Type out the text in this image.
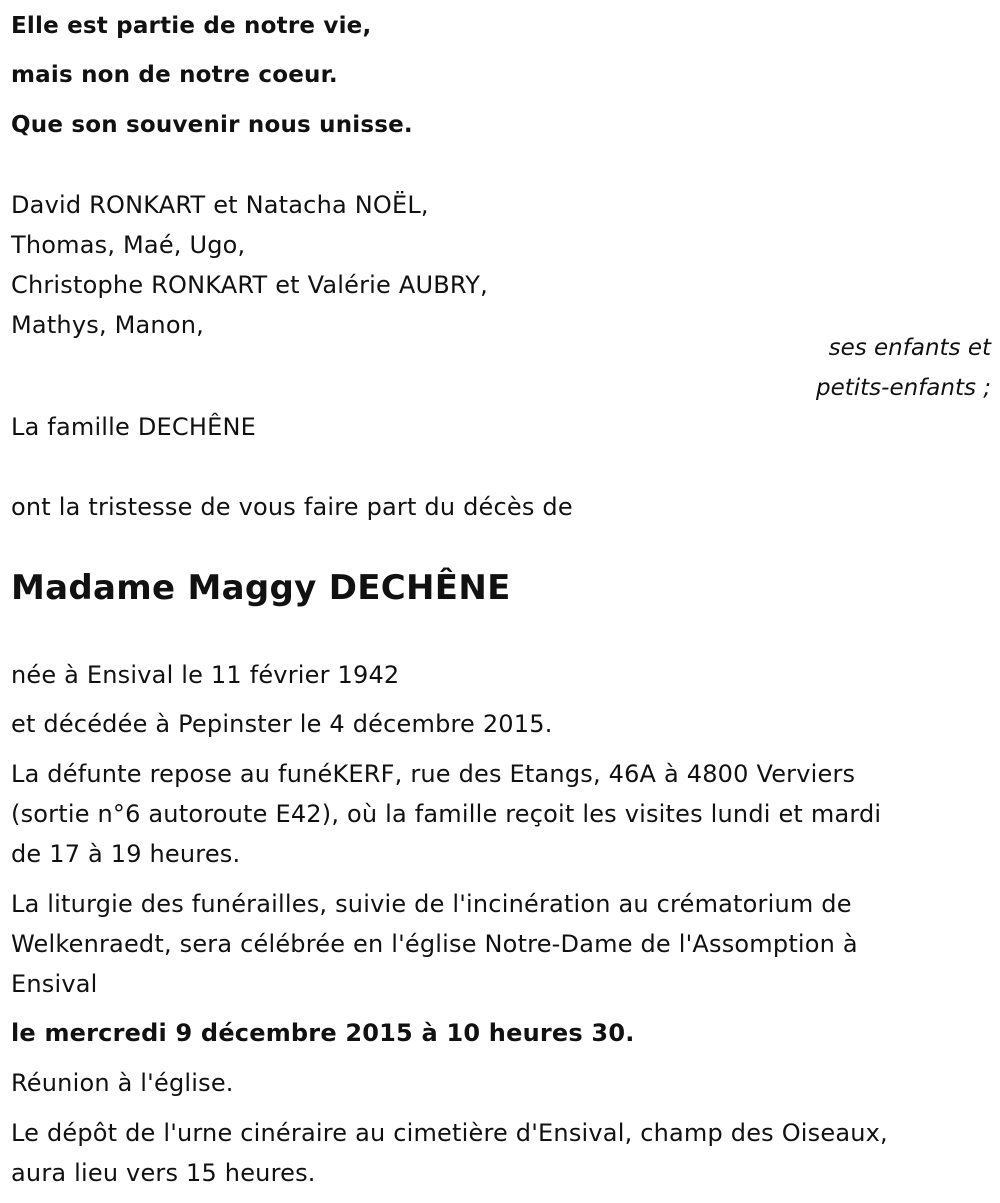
Elle est partie de notre vie,
mais non de notre coeur.
Que son souvenir nous unisse.
David RONKART et Natacha NOËL,
Thomas, Maé, Ugo,
Christophe RONKART et Valérie AUBRY,
Mathys, Manon,
ses enfants et
petits-enfants ;
La famille DECHÊNE
ont la tristesse de vous faire part du décès de
Madame Maggy DECHÊNE
née à Ensival le 11 février 1942
et décédée à Pepinster le 4 décembre 2015.
La défunte repose au funéKERF, rue des Etangs, 46A à 4800 Verviers
(sortie n°6 autoroute E42), où la famille reçoit les visites lundi et mardi
de 17 à 19 heures.
La liturgie des funérailles, suivie de l'incinération au crématorium de
Welkenraedt, sera célébrée en l'église Notre-Dame de l'Assomption à
Ensival
le mercredi 9 décembre 2015 à 10 heures 30.
Réunion à l'église.
Le dépôt de l'urne cinéraire au cimetière d'Ensival, champ des Oiseaux,
aura lieu vers 15 heures.
